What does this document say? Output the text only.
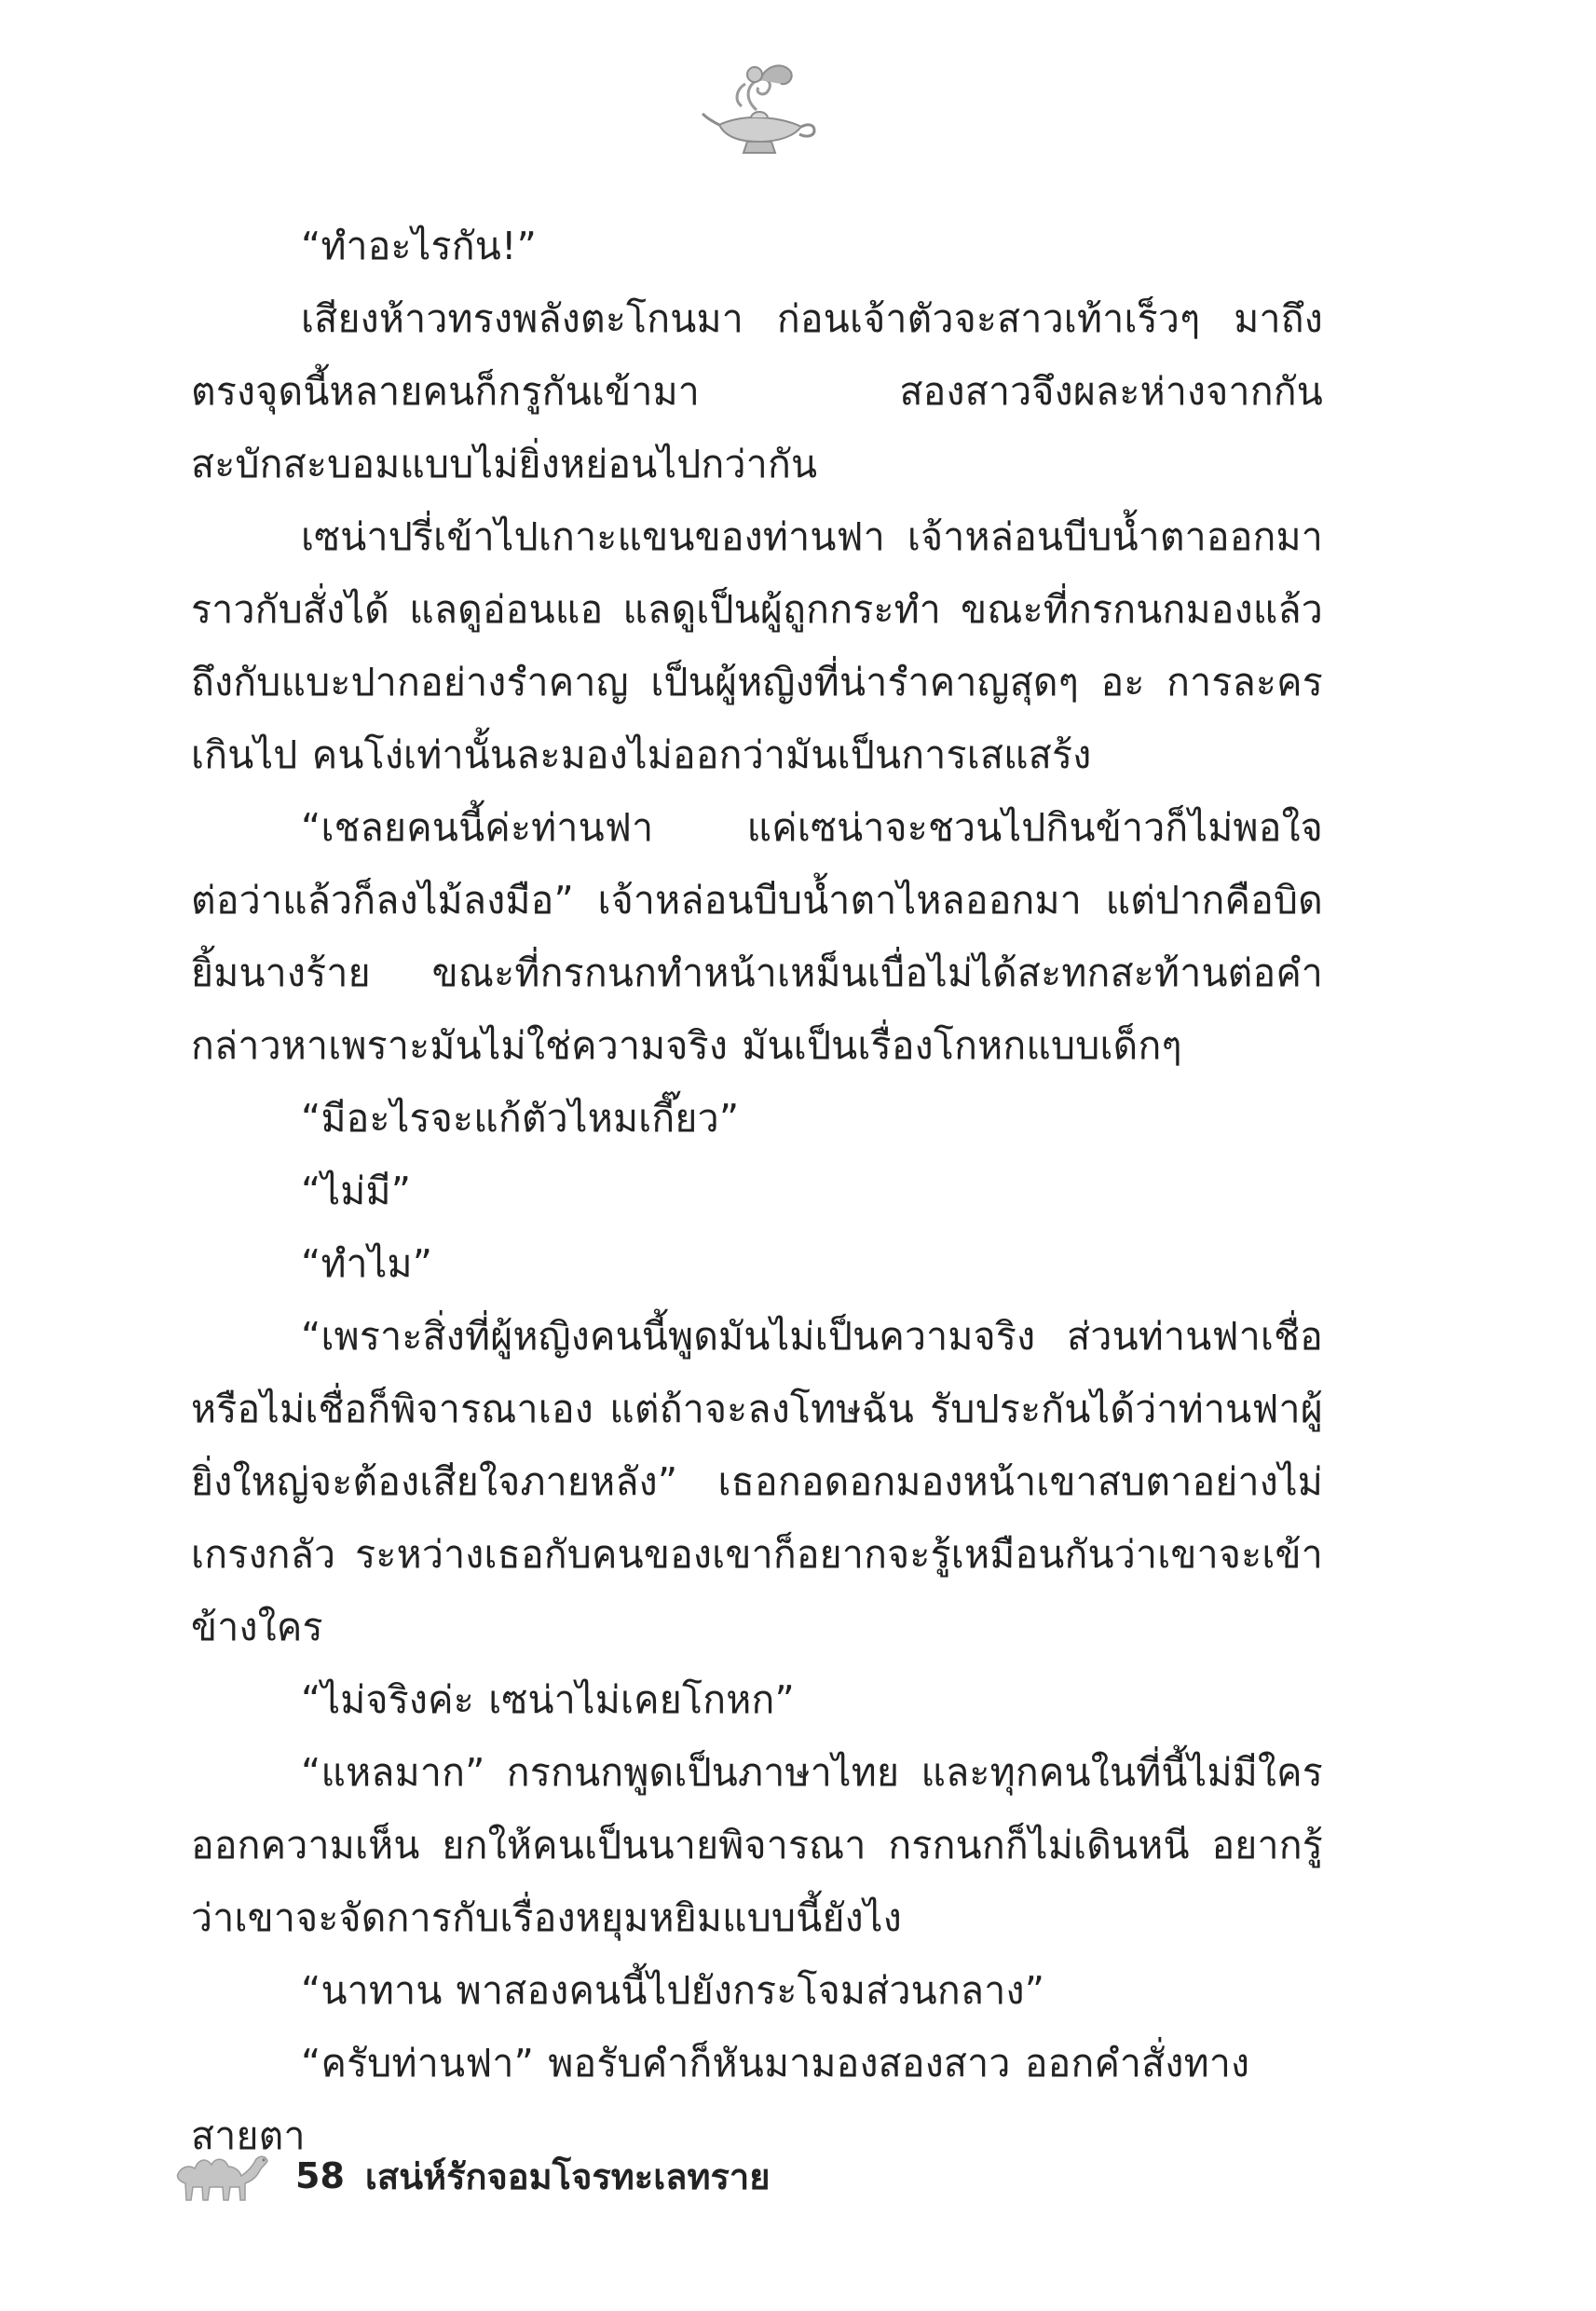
“ทำอะไรกัน!”

เสียงห้าวทรงพลังตะโกนมา ก่อนเจ้าตัวจะสาวเท้าเร็วๆ มาถึงตรงจุดนี้หลายคนก็กรูกันเข้ามา สองสาวจึงผละห่างจากกัน สะบักสะบอมแบบไม่ยิ่งหย่อนไปกว่ากัน

เซน่าปรี่เข้าไปเกาะแขนของท่านฟา เจ้าหล่อนบีบน้ำตาออกมาราวกับสั่งได้ แลดูอ่อนแอ แลดูเป็นผู้ถูกกระทำ ขณะที่กรกนกมองแล้วถึงกับแบะปากอย่างรำคาญ เป็นผู้หญิงที่น่ารำคาญสุดๆ อะ การละครเกินไป คนโง่เท่านั้นละมองไม่ออกว่ามันเป็นการเสแสร้ง

“เชลยคนนี้ค่ะท่านฟา แค่เซน่าจะชวนไปกินข้าวก็ไม่พอใจต่อว่าแล้วก็ลงไม้ลงมือ” เจ้าหล่อนบีบน้ำตาไหลออกมา แต่ปากคือบิดยิ้มนางร้าย ขณะที่กรกนกทำหน้าเหม็นเบื่อไม่ได้สะทกสะท้านต่อคำกล่าวหาเพราะมันไม่ใช่ความจริง มันเป็นเรื่องโกหกแบบเด็กๆ

“มีอะไรจะแก้ตัวไหมเกี๊ยว”

“ไม่มี”

“ทำไม”

“เพราะสิ่งที่ผู้หญิงคนนี้พูดมันไม่เป็นความจริง ส่วนท่านฟาเชื่อหรือไม่เชื่อก็พิจารณาเอง แต่ถ้าจะลงโทษฉัน รับประกันได้ว่าท่านฟาผู้ยิ่งใหญ่จะต้องเสียใจภายหลัง” เธอกอดอกมองหน้าเขาสบตาอย่างไม่เกรงกลัว ระหว่างเธอกับคนของเขาก็อยากจะรู้เหมือนกันว่าเขาจะเข้าข้างใคร

“ไม่จริงค่ะ เซน่าไม่เคยโกหก”

“แหลมาก” กรกนกพูดเป็นภาษาไทย และทุกคนในที่นี้ไม่มีใครออกความเห็น ยกให้คนเป็นนายพิจารณา กรกนกก็ไม่เดินหนี อยากรู้ว่าเขาจะจัดการกับเรื่องหยุมหยิมแบบนี้ยังไง

“นาทาน พาสองคนนี้ไปยังกระโจมส่วนกลาง”

“ครับท่านฟา” พอรับคำก็หันมามองสองสาว ออกคำสั่งทางสายตา

58 เสน่ห์รักจอมโจรทะเลทราย
